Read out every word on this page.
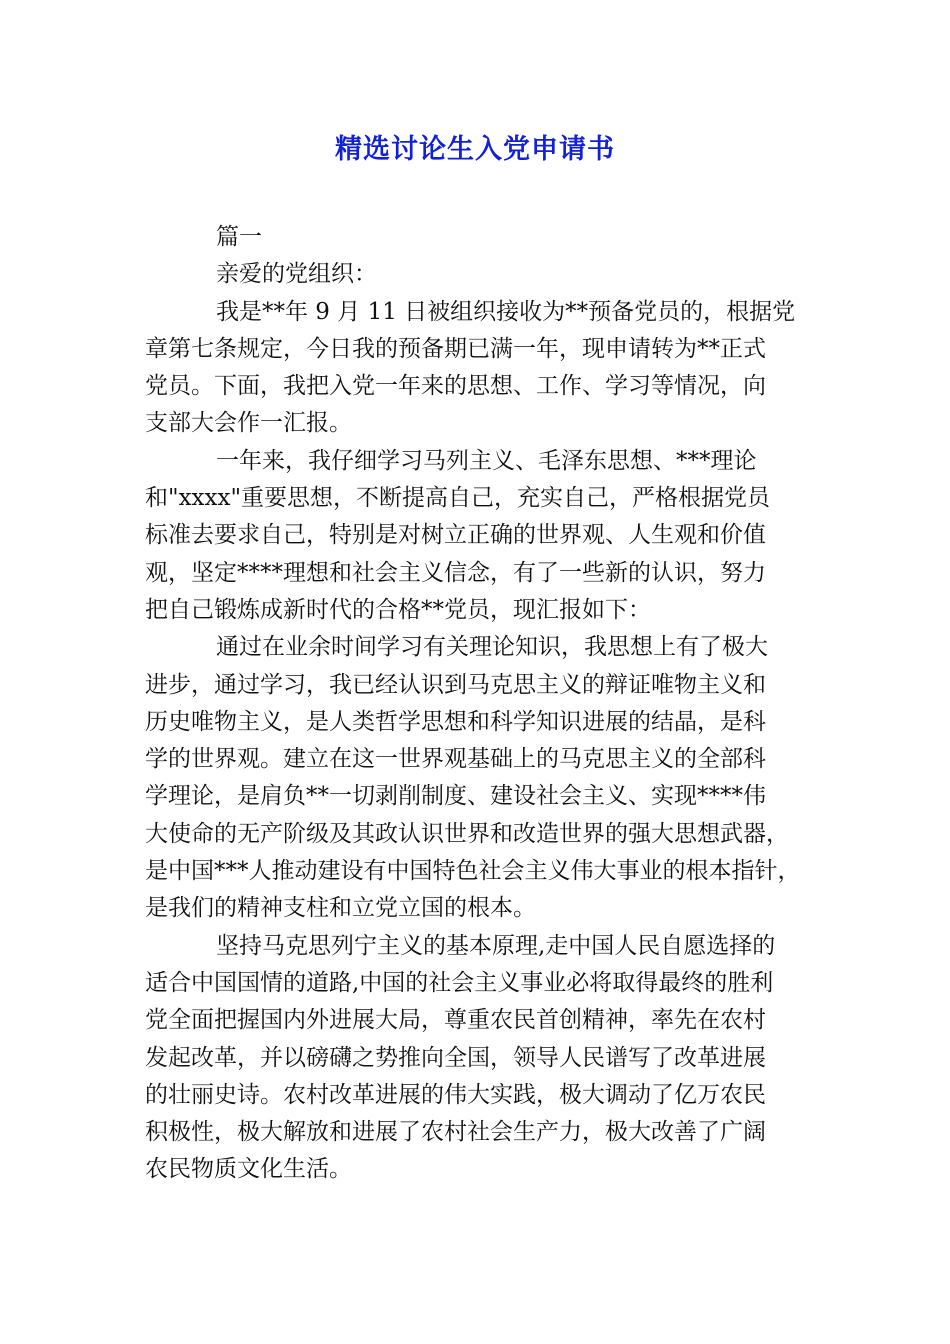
精选讨论生入党申请书
篇一
亲爱的党组织：
我是**年 9 月 11 日被组织接收为**预备党员的，根据党
章第七条规定，今日我的预备期已满一年，现申请转为**正式
党员。下面，我把入党一年来的思想、工作、学习等情况，向
支部大会作一汇报。
一年来，我仔细学习马列主义、毛泽东思想、***理论
和"xxxx"重要思想，不断提高自己，充实自己，严格根据党员
标准去要求自己，特别是对树立正确的世界观、人生观和价值
观，坚定****理想和社会主义信念，有了一些新的认识，努力
把自己锻炼成新时代的合格**党员，现汇报如下：
通过在业余时间学习有关理论知识，我思想上有了极大
进步，通过学习，我已经认识到马克思主义的辩证唯物主义和
历史唯物主义，是人类哲学思想和科学知识进展的结晶，是科
学的世界观。建立在这一世界观基础上的马克思主义的全部科
学理论，是肩负**一切剥削制度、建设社会主义、实现****伟
大使命的无产阶级及其政认识世界和改造世界的强大思想武器，
是中国***人推动建设有中国特色社会主义伟大事业的根本指针，
是我们的精神支柱和立党立国的根本。
坚持马克思列宁主义的基本原理,走中国人民自愿选择的
适合中国国情的道路,中国的社会主义事业必将取得最终的胜利
党全面把握国内外进展大局，尊重农民首创精神，率先在农村
发起改革，并以磅礴之势推向全国，领导人民谱写了改革进展
的壮丽史诗。农村改革进展的伟大实践，极大调动了亿万农民
积极性，极大解放和进展了农村社会生产力，极大改善了广阔
农民物质文化生活。
